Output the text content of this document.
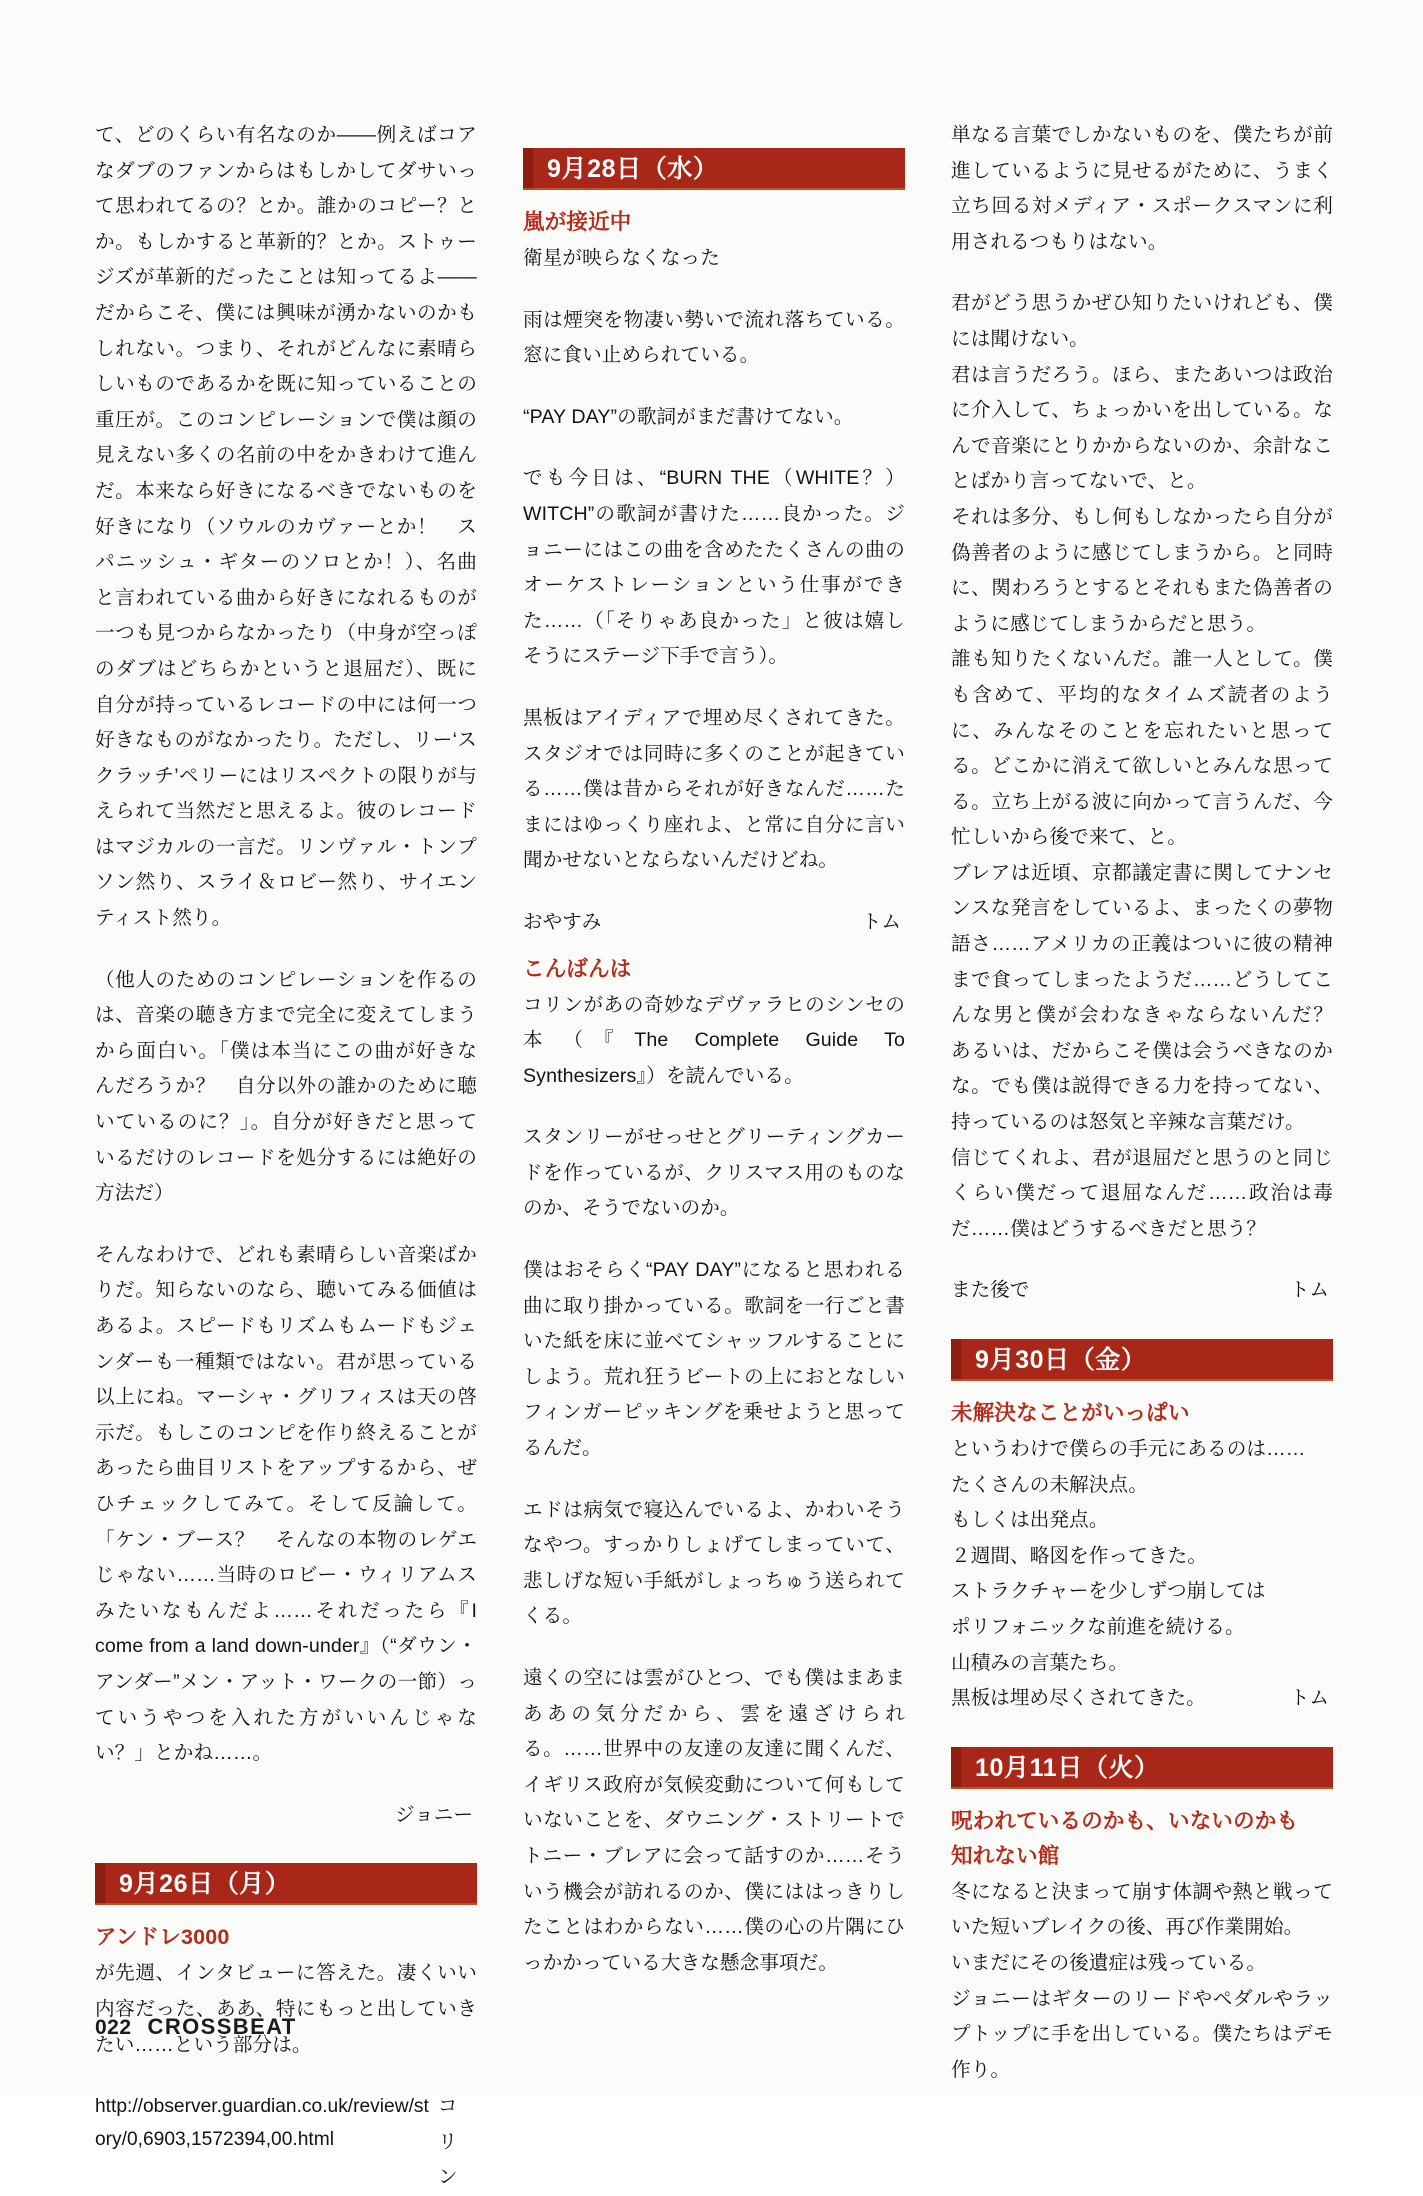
て、どのくらい有名なのか――例えばコアなダブのファンからはもしかしてダサいって思われてるの？とか。誰かのコピー？とか。もしかすると革新的？とか。ストゥージズが革新的だったことは知ってるよ――だからこそ、僕には興味が湧かないのかもしれない。つまり、それがどんなに素晴らしいものであるかを既に知っていることの重圧が。このコンピレーションで僕は顔の見えない多くの名前の中をかきわけて進んだ。本来なら好きになるべきでないものを好きになり（ソウルのカヴァーとか！　スパニッシュ・ギターのソロとか！）、名曲と言われている曲から好きになれるものが一つも見つからなかったり（中身が空っぽのダブはどちらかというと退屈だ）、既に自分が持っているレコードの中には何一つ好きなものがなかったり。ただし、リー‘スクラッチ’ペリーにはリスペクトの限りが与えられて当然だと思えるよ。彼のレコードはマジカルの一言だ。リンヴァル・トンプソン然り、スライ＆ロビー然り、サイエンティスト然り。

（他人のためのコンピレーションを作るのは、音楽の聴き方まで完全に変えてしまうから面白い。「僕は本当にこの曲が好きなんだろうか？　自分以外の誰かのために聴いているのに？」。自分が好きだと思っているだけのレコードを処分するには絶好の方法だ）

そんなわけで、どれも素晴らしい音楽ばかりだ。知らないのなら、聴いてみる価値はあるよ。スピードもリズムもムードもジェンダーも一種類ではない。君が思っている以上にね。マーシャ・グリフィスは天の啓示だ。もしこのコンピを作り終えることがあったら曲目リストをアップするから、ぜひチェックしてみて。そして反論して。「ケン・ブース？　そんなの本物のレゲエじゃない……当時のロビー・ウィリアムスみたいなもんだよ……それだったら『I come from a land down-under』（“ダウン・アンダー”メン・アット・ワークの一節）っていうやつを入れた方がいいんじゃない？」とかね……。

ジョニー
9月26日（月）
アンドレ3000

が先週、インタビューに答えた。凄くいい内容だった、ああ、特にもっと出していきたい……という部分は。

http://observer.guardian.co.uk/review/story/0,6903,1572394,00.html
コリン
9月28日（水）
嵐が接近中

衛星が映らなくなった

雨は煙突を物凄い勢いで流れ落ちている。窓に食い止められている。

“PAY DAY”の歌詞がまだ書けてない。

でも今日は、“BURN THE（WHITE？）WITCH”の歌詞が書けた……良かった。ジョニーにはこの曲を含めたたくさんの曲のオーケストレーションという仕事ができた……（「そりゃあ良かった」と彼は嬉しそうにステージ下手で言う）。

黒板はアイディアで埋め尽くされてきた。スタジオでは同時に多くのことが起きている……僕は昔からそれが好きなんだ……たまにはゆっくり座れよ、と常に自分に言い聞かせないとならないんだけどね。

おやすみ	トム
こんばんは

コリンがあの奇妙なデヴァラヒのシンセの本（『The Complete Guide To Synthesizers』）を読んでいる。

スタンリーがせっせとグリーティングカードを作っているが、クリスマス用のものなのか、そうでないのか。

僕はおそらく“PAY DAY”になると思われる曲に取り掛かっている。歌詞を一行ごと書いた紙を床に並べてシャッフルすることにしよう。荒れ狂うビートの上におとなしいフィンガーピッキングを乗せようと思ってるんだ。

エドは病気で寝込んでいるよ、かわいそうなやつ。すっかりしょげてしまっていて、悲しげな短い手紙がしょっちゅう送られてくる。

遠くの空には雲がひとつ、でも僕はまあまああの気分だから、雲を遠ざけられる。……世界中の友達の友達に聞くんだ、イギリス政府が気候変動について何もしていないことを、ダウニング・ストリートでトニー・ブレアに会って話すのか……そういう機会が訪れるのか、僕にははっきりしたことはわからない……僕の心の片隅にひっかかっている大きな懸念事項だ。

単なる言葉でしかないものを、僕たちが前進しているように見せるがために、うまく立ち回る対メディア・スポークスマンに利用されるつもりはない。

君がどう思うかぜひ知りたいけれども、僕には聞けない。

君は言うだろう。ほら、またあいつは政治に介入して、ちょっかいを出している。なんで音楽にとりかからないのか、余計なことばかり言ってないで、と。

それは多分、もし何もしなかったら自分が偽善者のように感じてしまうから。と同時に、関わろうとするとそれもまた偽善者のように感じてしまうからだと思う。

誰も知りたくないんだ。誰一人として。僕も含めて、平均的なタイムズ読者のように、みんなそのことを忘れたいと思ってる。どこかに消えて欲しいとみんな思ってる。立ち上がる波に向かって言うんだ、今忙しいから後で来て、と。

ブレアは近頃、京都議定書に関してナンセンスな発言をしているよ、まったくの夢物語さ……アメリカの正義はついに彼の精神まで食ってしまったようだ……どうしてこんな男と僕が会わなきゃならないんだ？　あるいは、だからこそ僕は会うべきなのかな。でも僕は説得できる力を持ってない、持っているのは怒気と辛辣な言葉だけ。

信じてくれよ、君が退屈だと思うのと同じくらい僕だって退屈なんだ……政治は毒だ……僕はどうするべきだと思う？

また後で	トム
9月30日（金）
未解決なことがいっぱい

というわけで僕らの手元にあるのは……

たくさんの未解決点。

もしくは出発点。

２週間、略図を作ってきた。

ストラクチャーを少しずつ崩しては

ポリフォニックな前進を続ける。

山積みの言葉たち。

黒板は埋め尽くされてきた。	トム
10月11日（火）
呪われているのかも、いないのかも
知れない館

冬になると決まって崩す体調や熱と戦っていた短いブレイクの後、再び作業開始。

いまだにその後遺症は残っている。

ジョニーはギターのリードやペダルやラップトップに手を出している。僕たちはデモ作り。

022 CROSSBEAT
